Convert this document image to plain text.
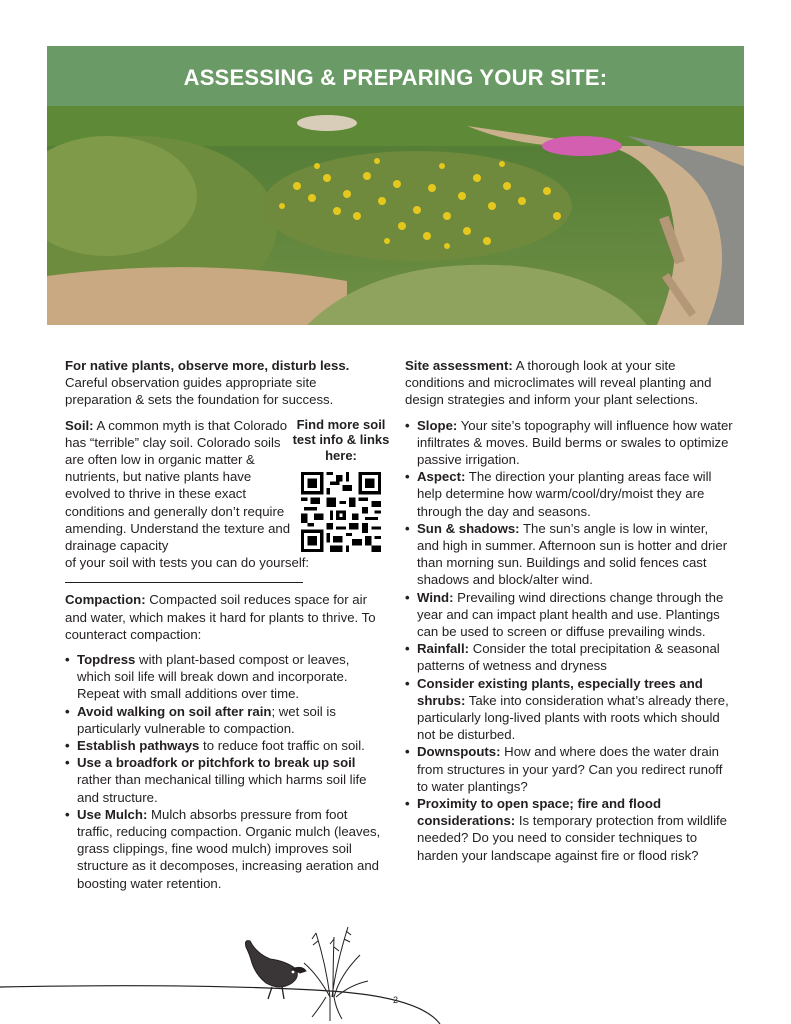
ASSESSING & PREPARING YOUR SITE:

For native plants, observe more, disturb less.
Careful observation guides appropriate site preparation & sets the foundation for success.

Find more soil test info & links here:

Soil: A common myth is that Colorado has “terrible” clay soil. Colorado soils are often low in organic matter & nutrients, but native plants have evolved to thrive in these exact conditions and generally don’t require amending. Understand the texture and drainage capacity

of your soil with tests you can do yourself:

Compaction: Compacted soil reduces space for air and water, which makes it hard for plants to thrive. To counteract compaction:

• Topdress with plant-based compost or leaves, which soil life will break down and incorporate. Repeat with small additions over time.
• Avoid walking on soil after rain; wet soil is particularly vulnerable to compaction.
• Establish pathways to reduce foot traffic on soil.
• Use a broadfork or pitchfork to break up soil rather than mechanical tilling which harms soil life and structure.
• Use Mulch: Mulch absorbs pressure from foot traffic, reducing compaction. Organic mulch (leaves, grass clippings, fine wood mulch) improves soil structure as it decomposes, increasing aeration and boosting water retention.

Site assessment: A thorough look at your site conditions and microclimates will reveal planting and design strategies and inform your plant selections.

• Slope: Your site’s topography will influence how water infiltrates & moves. Build berms or swales to optimize passive irrigation.
• Aspect: The direction your planting areas face will help determine how warm/cool/dry/moist they are through the day and seasons.
• Sun & shadows: The sun’s angle is low in winter, and high in summer. Afternoon sun is hotter and drier than morning sun. Buildings and solid fences cast shadows and block/alter wind.
• Wind: Prevailing wind directions change through the year and can impact plant health and use. Plantings can be used to screen or diffuse prevailing winds.
• Rainfall: Consider the total precipitation & seasonal patterns of wetness and dryness
• Consider existing plants, especially trees and shrubs: Take into consideration what’s already there, particularly long-lived plants with roots which should not be disturbed.
• Downspouts: How and where does the water drain from structures in your yard? Can you redirect runoff to water plantings?
• Proximity to open space; fire and flood considerations: Is temporary protection from wildlife needed? Do you need to consider techniques to harden your landscape against fire or flood risk?
2
